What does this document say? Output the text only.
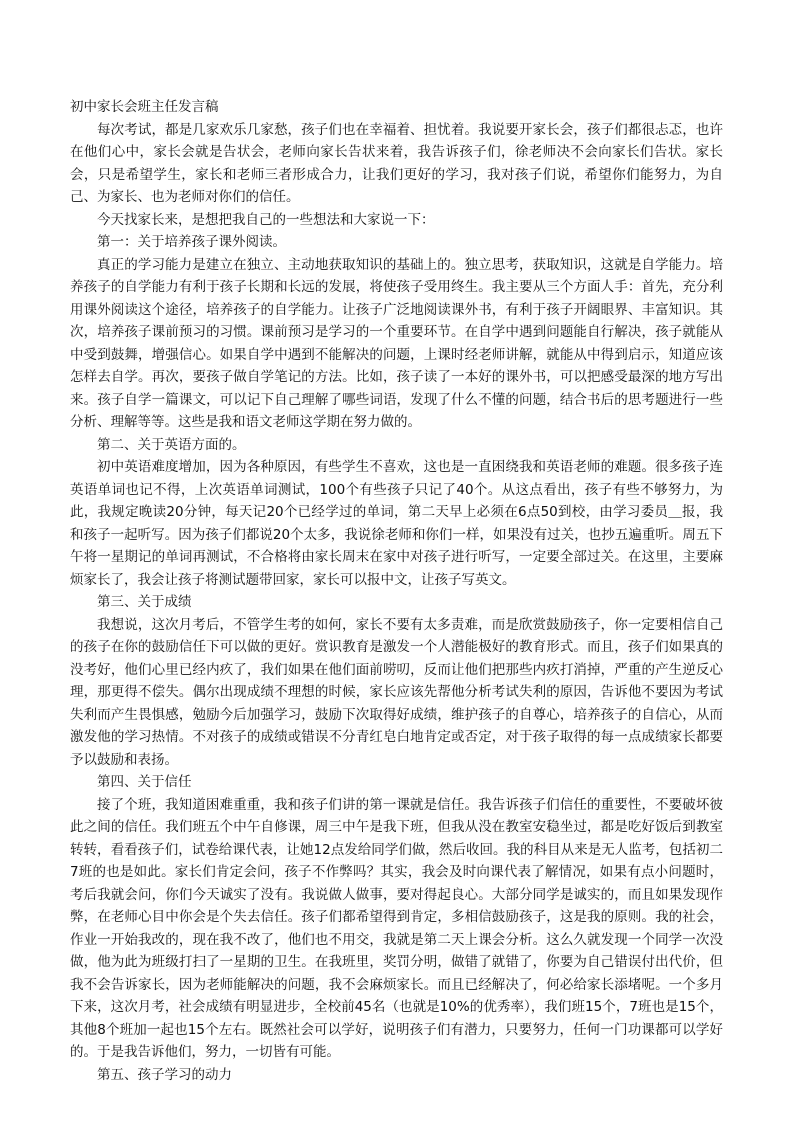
初中家长会班主任发言稿

每次考试，都是几家欢乐几家愁，孩子们也在幸福着、担忧着。我说要开家长会，孩子们都很忐忑，也许在他们心中，家长会就是告状会，老师向家长告状来着，我告诉孩子们，徐老师决不会向家长们告状。家长会，只是希望学生，家长和老师三者形成合力，让我们更好的学习，我对孩子们说，希望你们能努力，为自己、为家长、也为老师对你们的信任。

今天找家长来，是想把我自己的一些想法和大家说一下：

第一：关于培养孩子课外阅读。

真正的学习能力是建立在独立、主动地获取知识的基础上的。独立思考，获取知识，这就是自学能力。培养孩子的自学能力有利于孩子长期和长远的发展，将使孩子受用终生。我主要从三个方面人手：首先，充分利用课外阅读这个途径，培养孩子的自学能力。让孩子广泛地阅读课外书，有利于孩子开阔眼界、丰富知识。其次，培养孩子课前预习的习惯。课前预习是学习的一个重要环节。在自学中遇到问题能自行解决，孩子就能从中受到鼓舞，增强信心。如果自学中遇到不能解决的问题，上课时经老师讲解，就能从中得到启示，知道应该怎样去自学。再次，要孩子做自学笔记的方法。比如，孩子读了一本好的课外书，可以把感受最深的地方写出来。孩子自学一篇课文，可以记下自己理解了哪些词语，发现了什么不懂的问题，结合书后的思考题进行一些分析、理解等等。这些是我和语文老师这学期在努力做的。

第二、关于英语方面的。

初中英语难度增加，因为各种原因，有些学生不喜欢，这也是一直困绕我和英语老师的难题。很多孩子连英语单词也记不得，上次英语单词测试，100个有些孩子只记了40个。从这点看出，孩子有些不够努力，为此，我规定晚读20分钟，每天记20个已经学过的单词，第二天早上必须在6点50到校，由学习委员＿报，我和孩子一起听写。因为孩子们都说20个太多，我说徐老师和你们一样，如果没有过关，也抄五遍重听。周五下午将一星期记的单词再测试，不合格将由家长周末在家中对孩子进行听写，一定要全部过关。在这里，主要麻烦家长了，我会让孩子将测试题带回家，家长可以报中文，让孩子写英文。

第三、关于成绩

我想说，这次月考后，不管学生考的如何，家长不要有太多责难，而是欣赏鼓励孩子，你一定要相信自己的孩子在你的鼓励信任下可以做的更好。赏识教育是激发一个人潜能极好的教育形式。而且，孩子们如果真的没考好，他们心里已经内疚了，我们如果在他们面前唠叨，反而让他们把那些内疚打消掉，严重的产生逆反心理，那更得不偿失。偶尔出现成绩不理想的时候，家长应该先帮他分析考试失利的原因，告诉他不要因为考试失利而产生畏惧感，勉励今后加强学习，鼓励下次取得好成绩，维护孩子的自尊心，培养孩子的自信心，从而激发他的学习热情。不对孩子的成绩或错误不分青红皂白地肯定或否定，对于孩子取得的每一点成绩家长都要予以鼓励和表扬。

第四、关于信任

接了个班，我知道困难重重，我和孩子们讲的第一课就是信任。我告诉孩子们信任的重要性，不要破坏彼此之间的信任。我们班五个中午自修课，周三中午是我下班，但我从没在教室安稳坐过，都是吃好饭后到教室转转，看看孩子们，试卷给课代表，让她12点发给同学们做，然后收回。我的科目从来是无人监考，包括初二7班的也是如此。家长们肯定会问，孩子不作弊吗？其实，我会及时向课代表了解情况，如果有点小问题时，考后我就会问，你们今天诚实了没有。我说做人做事，要对得起良心。大部分同学是诚实的，而且如果发现作弊，在老师心目中你会是个失去信任。孩子们都希望得到肯定，多相信鼓励孩子，这是我的原则。我的社会，作业一开始我改的，现在我不改了，他们也不用交，我就是第二天上课会分析。这么久就发现一个同学一次没做，他为此为班级打扫了一星期的卫生。在我班里，奖罚分明，做错了就错了，你要为自己错误付出代价，但我不会告诉家长，因为老师能解决的问题，我不会麻烦家长。而且已经解决了，何必给家长添堵呢。一个多月下来，这次月考，社会成绩有明显进步，全校前45名（也就是10%的优秀率），我们班15个，7班也是15个，其他8个班加一起也15个左右。既然社会可以学好，说明孩子们有潜力，只要努力，任何一门功课都可以学好的。于是我告诉他们，努力，一切皆有可能。

第五、孩子学习的动力
